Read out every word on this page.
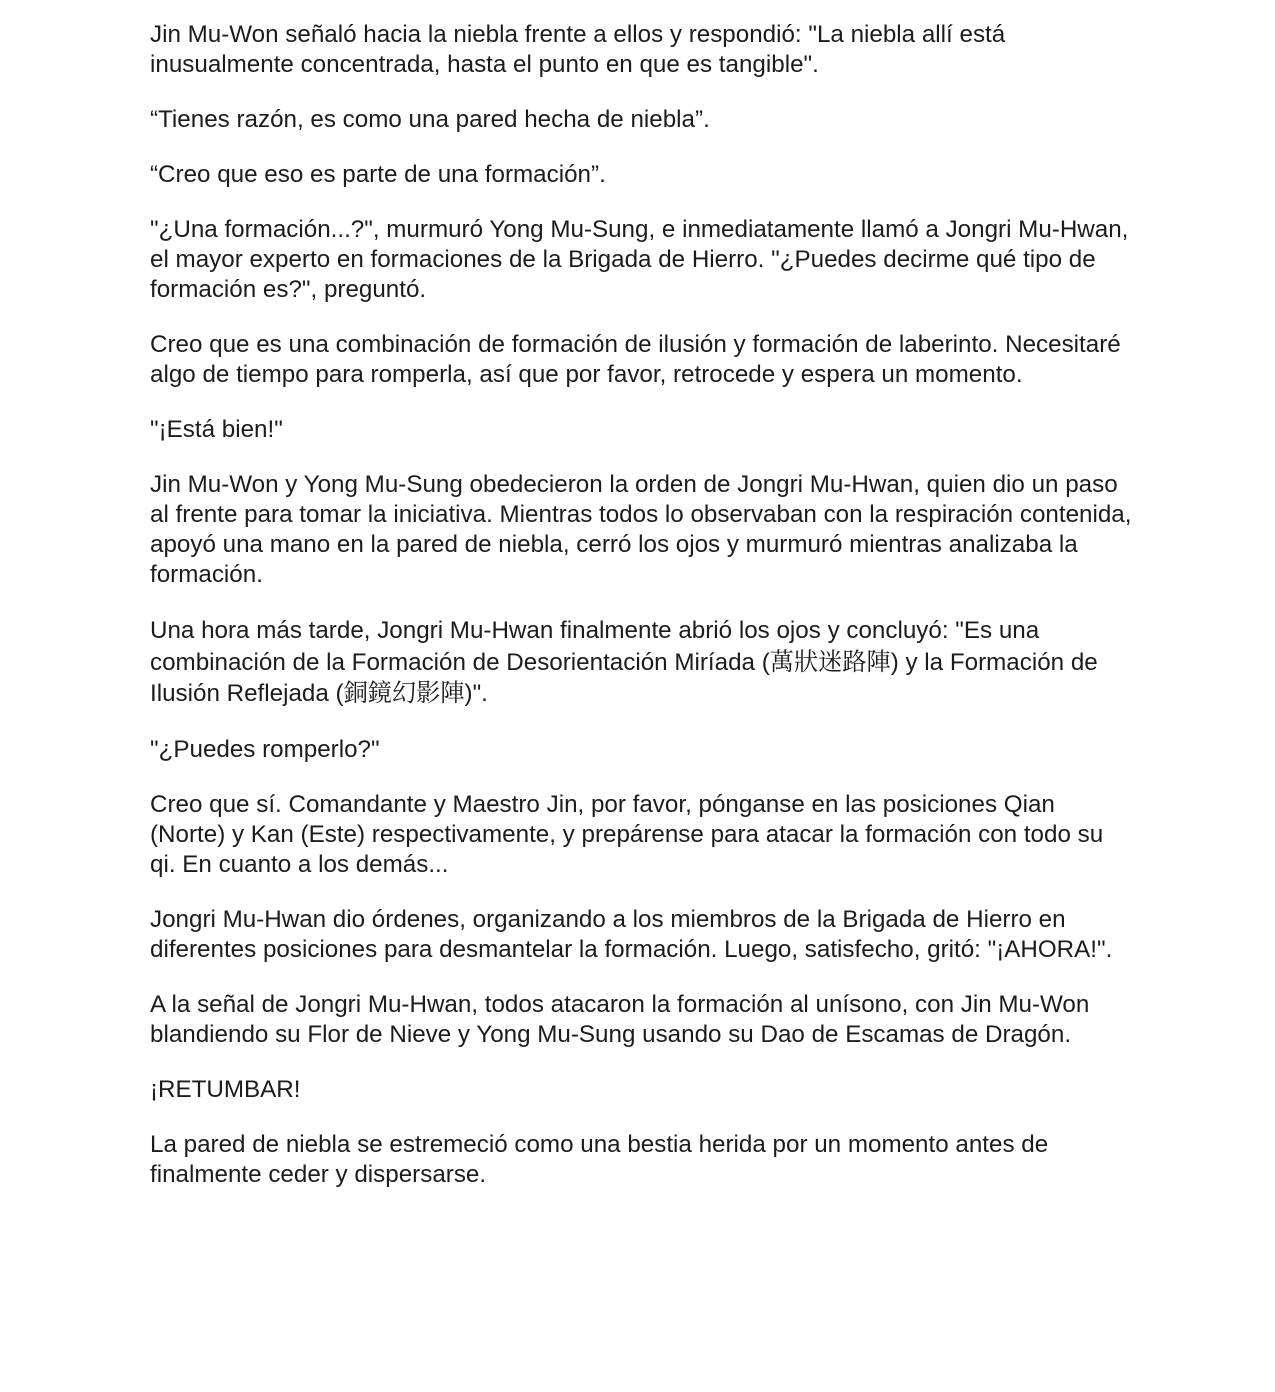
Jin Mu-Won señaló hacia la niebla frente a ellos y respondió: "La niebla allí está inusualmente concentrada, hasta el punto en que es tangible".

“Tienes razón, es como una pared hecha de niebla”.

“Creo que eso es parte de una formación”.

"¿Una formación...?", murmuró Yong Mu-Sung, e inmediatamente llamó a Jongri Mu-Hwan, el mayor experto en formaciones de la Brigada de Hierro. "¿Puedes decirme qué tipo de formación es?", preguntó.

Creo que es una combinación de formación de ilusión y formación de laberinto. Necesitaré algo de tiempo para romperla, así que por favor, retrocede y espera un momento.

"¡Está bien!"

Jin Mu-Won y Yong Mu-Sung obedecieron la orden de Jongri Mu-Hwan, quien dio un paso al frente para tomar la iniciativa. Mientras todos lo observaban con la respiración contenida, apoyó una mano en la pared de niebla, cerró los ojos y murmuró mientras analizaba la formación.

Una hora más tarde, Jongri Mu-Hwan finalmente abrió los ojos y concluyó: "Es una combinación de la Formación de Desorientación Miríada (萬狀迷路陣) y la Formación de Ilusión Reflejada (銅鏡幻影陣)".

"¿Puedes romperlo?"

Creo que sí. Comandante y Maestro Jin, por favor, pónganse en las posiciones Qian (Norte) y Kan (Este) respectivamente, y prepárense para atacar la formación con todo su qi. En cuanto a los demás...

Jongri Mu-Hwan dio órdenes, organizando a los miembros de la Brigada de Hierro en diferentes posiciones para desmantelar la formación. Luego, satisfecho, gritó: "¡AHORA!".

A la señal de Jongri Mu-Hwan, todos atacaron la formación al unísono, con Jin Mu-Won blandiendo su Flor de Nieve y Yong Mu-Sung usando su Dao de Escamas de Dragón.

¡RETUMBAR!

La pared de niebla se estremeció como una bestia herida por un momento antes de finalmente ceder y dispersarse.
